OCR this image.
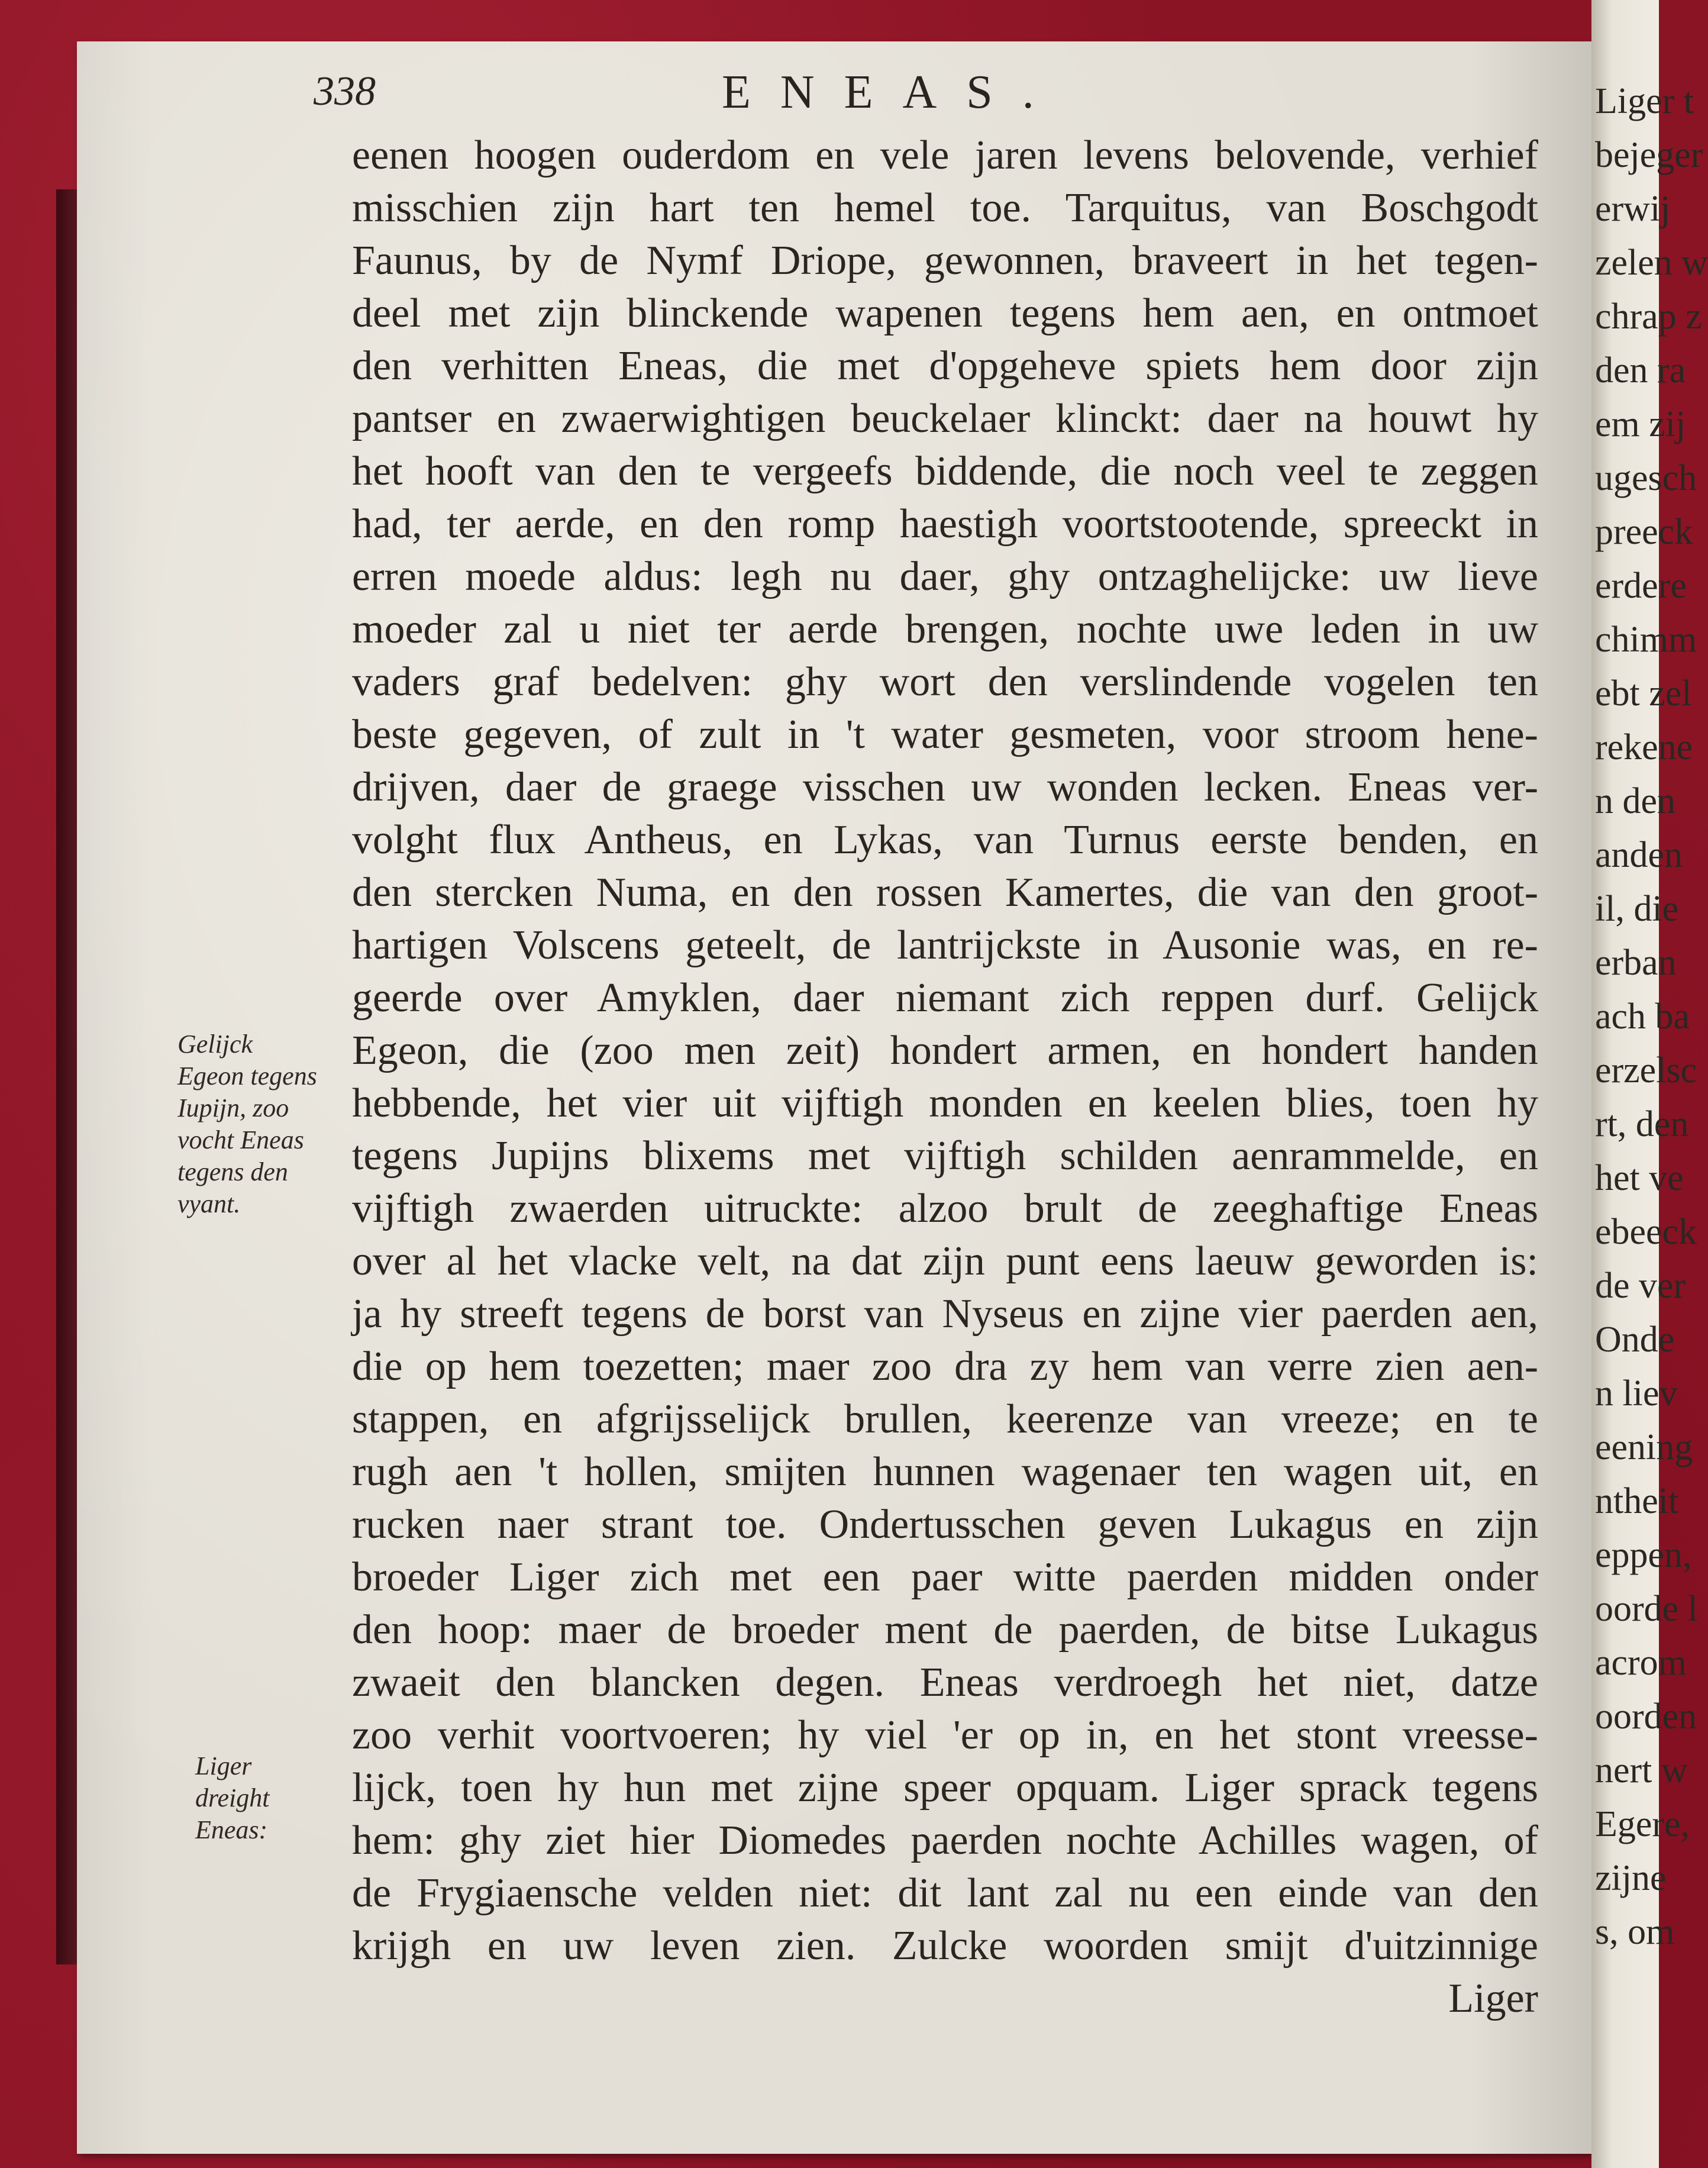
338	ENEAS.
eenen hoogen ouderdom en vele jaren levens belovende, verhief
misschien zijn hart ten hemel toe. Tarquitus, van Boschgodt
Faunus, by de Nymf Driope, gewonnen, braveert in het tegen-
deel met zijn blinckende wapenen tegens hem aen, en ontmoet
den verhitten Eneas, die met d'opgeheve spiets hem door zijn
pantser en zwaerwightigen beuckelaer klinckt: daer na houwt hy
het hooft van den te vergeefs biddende, die noch veel te zeggen
had, ter aerde, en den romp haestigh voortstootende, spreeckt in
erren moede aldus: legh nu daer, ghy ontzaghelijcke: uw lieve
moeder zal u niet ter aerde brengen, nochte uwe leden in uw
vaders graf bedelven: ghy wort den verslindende vogelen ten
beste gegeven, of zult in 't water gesmeten, voor stroom hene-
drijven, daer de graege visschen uw wonden lecken. Eneas ver-
volght flux Antheus, en Lykas, van Turnus eerste benden, en
den stercken Numa, en den rossen Kamertes, die van den groot-
hartigen Volscens geteelt, de lantrijckste in Ausonie was, en re-
geerde over Amyklen, daer niemant zich reppen durf. Gelijck
Egeon, die (zoo men zeit) hondert armen, en hondert handen
hebbende, het vier uit vijftigh monden en keelen blies, toen hy
tegens Jupijns blixems met vijftigh schilden aenrammelde, en
vijftigh zwaerden uitruckte: alzoo brult de zeeghaftige Eneas
over al het vlacke velt, na dat zijn punt eens laeuw geworden is:
ja hy streeft tegens de borst van Nyseus en zijne vier paerden aen,
die op hem toezetten; maer zoo dra zy hem van verre zien aen-
stappen, en afgrijsselijck brullen, keerenze van vreeze; en te
rugh aen 't hollen, smijten hunnen wagenaer ten wagen uit, en
rucken naer strant toe. Ondertusschen geven Lukagus en zijn
broeder Liger zich met een paer witte paerden midden onder
den hoop: maer de broeder ment de paerden, de bitse Lukagus
zwaeit den blancken degen. Eneas verdroegh het niet, datze
zoo verhit voortvoeren; hy viel 'er op in, en het stont vreesse-
lijck, toen hy hun met zijne speer opquam. Liger sprack tegens
hem: ghy ziet hier Diomedes paerden nochte Achilles wagen, of
de Frygiaensche velden niet: dit lant zal nu een einde van den
krijgh en uw leven zien. Zulcke woorden smijt d'uitzinnige
Liger
Gelijck
Egeon tegens
Iupijn, zoo
vocht Eneas
tegens den
vyant.
Liger
dreight
Eneas:
Liger t
bejeger
erwij
zelen w
chrap z
den ra
em zij
ugesch
preeck
erdere
chimm
ebt zel
rekene
n den
anden
il, die
erban
ach ba
erzelsc
rt, den
het ve
ebeeck
de ver
Onde
n liev
eening
ntheit
eppen,
oorde l
acrom
oorden
nert w
Egere,
zijne
s, om
